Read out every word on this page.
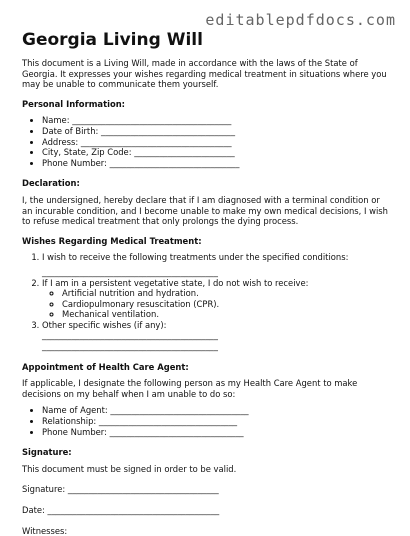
editablepdfdocs.com
Georgia Living Will

This document is a Living Will, made in accordance with the laws of the State of Georgia. It expresses your wishes regarding medical treatment in situations where you may be unable to communicate them yourself.

Personal Information:
• Name: ______________________________________
• Date of Birth: ________________________________
• Address: ____________________________________
• City, State, Zip Code: ________________________
• Phone Number: _______________________________
Declaration:

I, the undersigned, hereby declare that if I am diagnosed with a terminal condition or an incurable condition, and I become unable to make my own medical decisions, I wish to refuse medical treatment that only prolongs the dying process.

Wishes Regarding Medical Treatment:
1. I wish to receive the following treatments under the specified conditions:
__________________________________________
2. If I am in a persistent vegetative state, I do not wish to receive:
◦ Artificial nutrition and hydration.
◦ Cardiopulmonary resuscitation (CPR).
◦ Mechanical ventilation.
3. Other specific wishes (if any):
__________________________________________
__________________________________________
Appointment of Health Care Agent:

If applicable, I designate the following person as my Health Care Agent to make decisions on my behalf when I am unable to do so:

• Name of Agent: _________________________________
• Relationship: _________________________________
• Phone Number: ________________________________
Signature:

This document must be signed in order to be valid.

Signature: ____________________________________

Date: _________________________________________

Witnesses:
